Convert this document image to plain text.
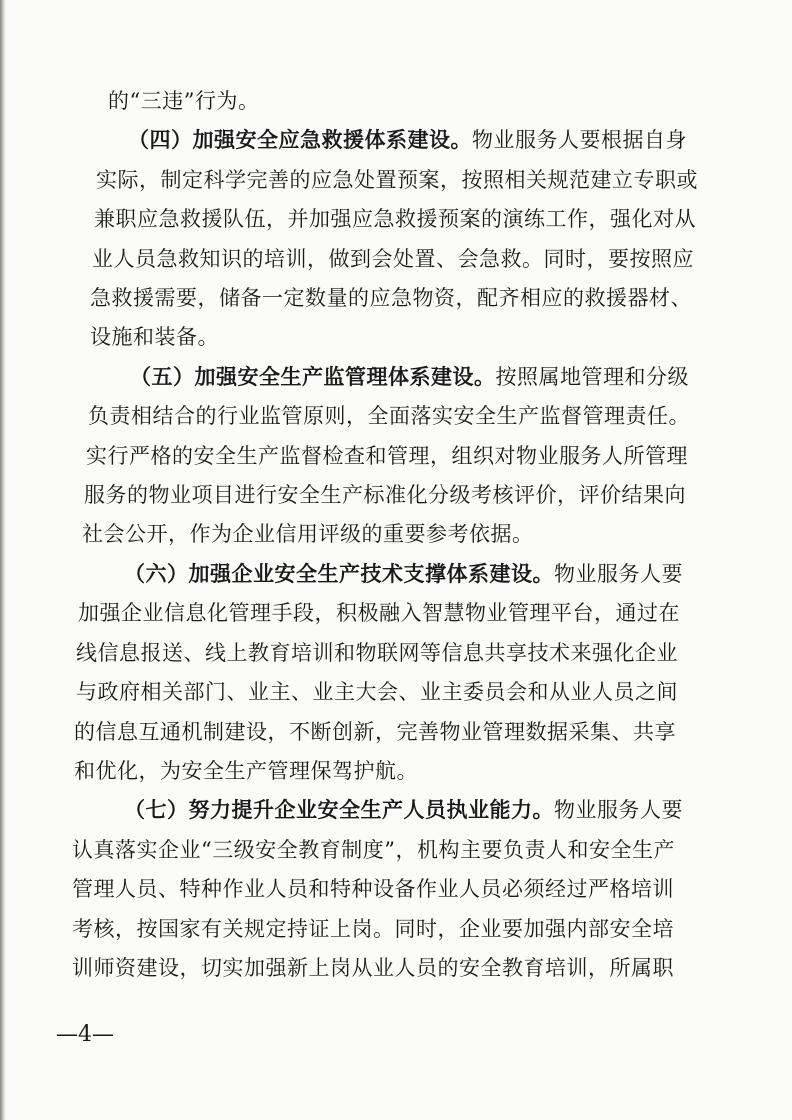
的“三违”行为。

（四）加强安全应急救援体系建设。物业服务人要根据自身
实际，制定科学完善的应急处置预案，按照相关规范建立专职或
兼职应急救援队伍，并加强应急救援预案的演练工作，强化对从
业人员急救知识的培训，做到会处置、会急救。同时，要按照应
急救援需要，储备一定数量的应急物资，配齐相应的救援器材、
设施和装备。

（五）加强安全生产监管理体系建设。按照属地管理和分级
负责相结合的行业监管原则，全面落实安全生产监督管理责任。
实行严格的安全生产监督检查和管理，组织对物业服务人所管理
服务的物业项目进行安全生产标准化分级考核评价，评价结果向
社会公开，作为企业信用评级的重要参考依据。

（六）加强企业安全生产技术支撑体系建设。物业服务人要
加强企业信息化管理手段，积极融入智慧物业管理平台，通过在
线信息报送、线上教育培训和物联网等信息共享技术来强化企业
与政府相关部门、业主、业主大会、业主委员会和从业人员之间
的信息互通机制建设，不断创新，完善物业管理数据采集、共享
和优化，为安全生产管理保驾护航。

（七）努力提升企业安全生产人员执业能力。物业服务人要
认真落实企业“三级安全教育制度”，机构主要负责人和安全生产
管理人员、特种作业人员和特种设备作业人员必须经过严格培训
考核，按国家有关规定持证上岗。同时，企业要加强内部安全培
训师资建设，切实加强新上岗从业人员的安全教育培训，所属职

—4—
